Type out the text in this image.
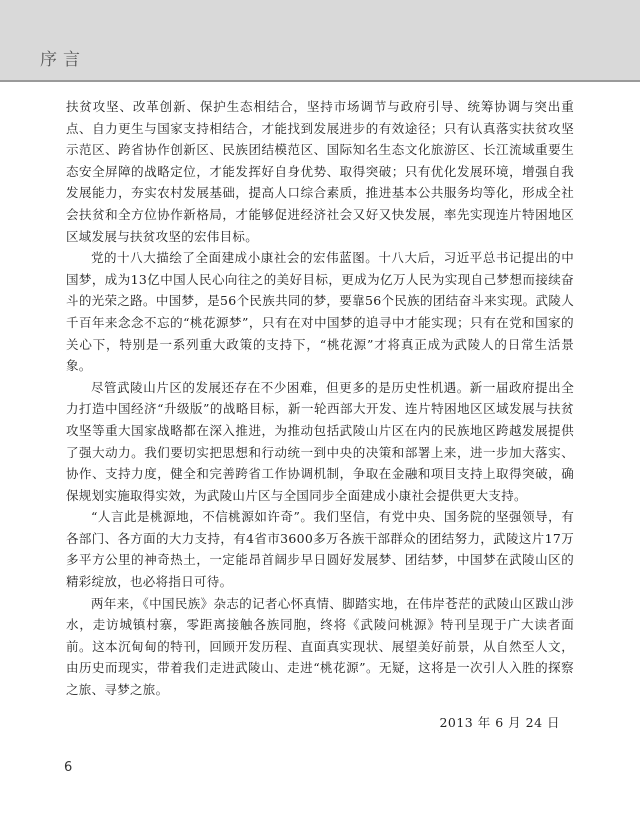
序言

扶贫攻坚、改革创新、保护生态相结合，坚持市场调节与政府引导、统筹协调与突出重点、自力更生与国家支持相结合，才能找到发展进步的有效途径；只有认真落实扶贫攻坚示范区、跨省协作创新区、民族团结模范区、国际知名生态文化旅游区、长江流域重要生态安全屏障的战略定位，才能发挥好自身优势、取得突破；只有优化发展环境，增强自我发展能力，夯实农村发展基础，提高人口综合素质，推进基本公共服务均等化，形成全社会扶贫和全方位协作新格局，才能够促进经济社会又好又快发展，率先实现连片特困地区区域发展与扶贫攻坚的宏伟目标。

党的十八大描绘了全面建成小康社会的宏伟蓝图。十八大后，习近平总书记提出的中国梦，成为13亿中国人民心向往之的美好目标，更成为亿万人民为实现自己梦想而接续奋斗的光荣之路。中国梦，是56个民族共同的梦，要靠56个民族的团结奋斗来实现。武陵人千百年来念念不忘的“桃花源梦”，只有在对中国梦的追寻中才能实现；只有在党和国家的关心下，特别是一系列重大政策的支持下，“桃花源”才将真正成为武陵人的日常生活景象。

尽管武陵山片区的发展还存在不少困难，但更多的是历史性机遇。新一届政府提出全力打造中国经济“升级版”的战略目标，新一轮西部大开发、连片特困地区区域发展与扶贫攻坚等重大国家战略都在深入推进，为推动包括武陵山片区在内的民族地区跨越发展提供了强大动力。我们要切实把思想和行动统一到中央的决策和部署上来，进一步加大落实、协作、支持力度，健全和完善跨省工作协调机制，争取在金融和项目支持上取得突破，确保规划实施取得实效，为武陵山片区与全国同步全面建成小康社会提供更大支持。

“人言此是桃源地，不信桃源如许奇”。我们坚信，有党中央、国务院的坚强领导，有各部门、各方面的大力支持，有4省市3600多万各族干部群众的团结努力，武陵这片17万多平方公里的神奇热土，一定能昂首阔步早日圆好发展梦、团结梦，中国梦在武陵山区的精彩绽放，也必将指日可待。

两年来，《中国民族》杂志的记者心怀真情、脚踏实地，在伟岸苍茫的武陵山区跋山涉水，走访城镇村寨，零距离接触各族同胞，终将《武陵问桃源》特刊呈现于广大读者面前。这本沉甸甸的特刊，回顾开发历程、直面真实现状、展望美好前景，从自然至人文，由历史而现实，带着我们走进武陵山、走进“桃花源”。无疑，这将是一次引人入胜的探察之旅、寻梦之旅。

2013 年 6 月 24 日
6
